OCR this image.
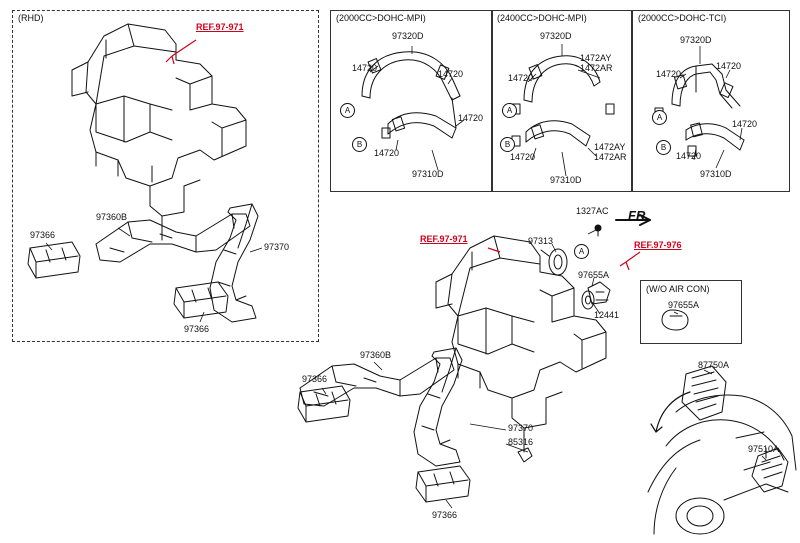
(RHD)	(2000CC>DOHC-MPI)	(2400CC>DOHC-MPI)	(2000CC>DOHC-TCI)
(W/O AIR CON)
REF.97-971
REF.97-971
REF.97-976
FR.
97366
97360B
97370
97366
97320D
14720
14720
14720
14720
97310D
A
B
97320D
1472AY
1472AR
14720
14720
1472AY
1472AR
97310D
A
B
97320D
14720
14720
14720
14720
97310D
A
B
1327AC
97313
97655A
12441
97655A
97360B
97366
97370
85316
97366
87750A
97510A
A
